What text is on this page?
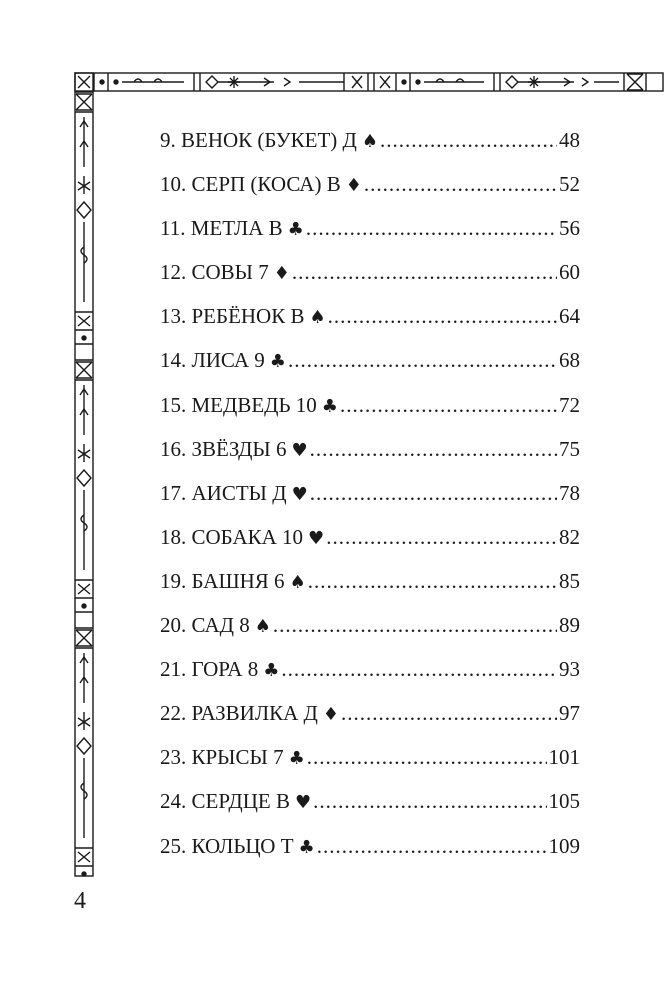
9. ВЕНОК (БУКЕТ) Д ♠ .....	48
10. СЕРП (КОСА) В ♦ .....	52
11. МЕТЛА В ♣ .....	56
12. СОВЫ 7 ♦ .....	60
13. РЕБЁНОК В ♠ .....	64
14. ЛИСА 9 ♣ .....	68
15. МЕДВЕДЬ 10 ♣ .....	72
16. ЗВЁЗДЫ 6 ♥ .....	75
17. АИСТЫ Д ♥ .....	78
18. СОБАКА 10 ♥ .....	82
19. БАШНЯ 6 ♠ .....	85
20. САД 8 ♠ .....	89
21. ГОРА 8 ♣ .....	93
22. РАЗВИЛКА Д ♦ .....	97
23. КРЫСЫ 7 ♣ .....	101
24. СЕРДЦЕ В ♥ .....	105
25. КОЛЬЦО Т ♣ .....	109
4
